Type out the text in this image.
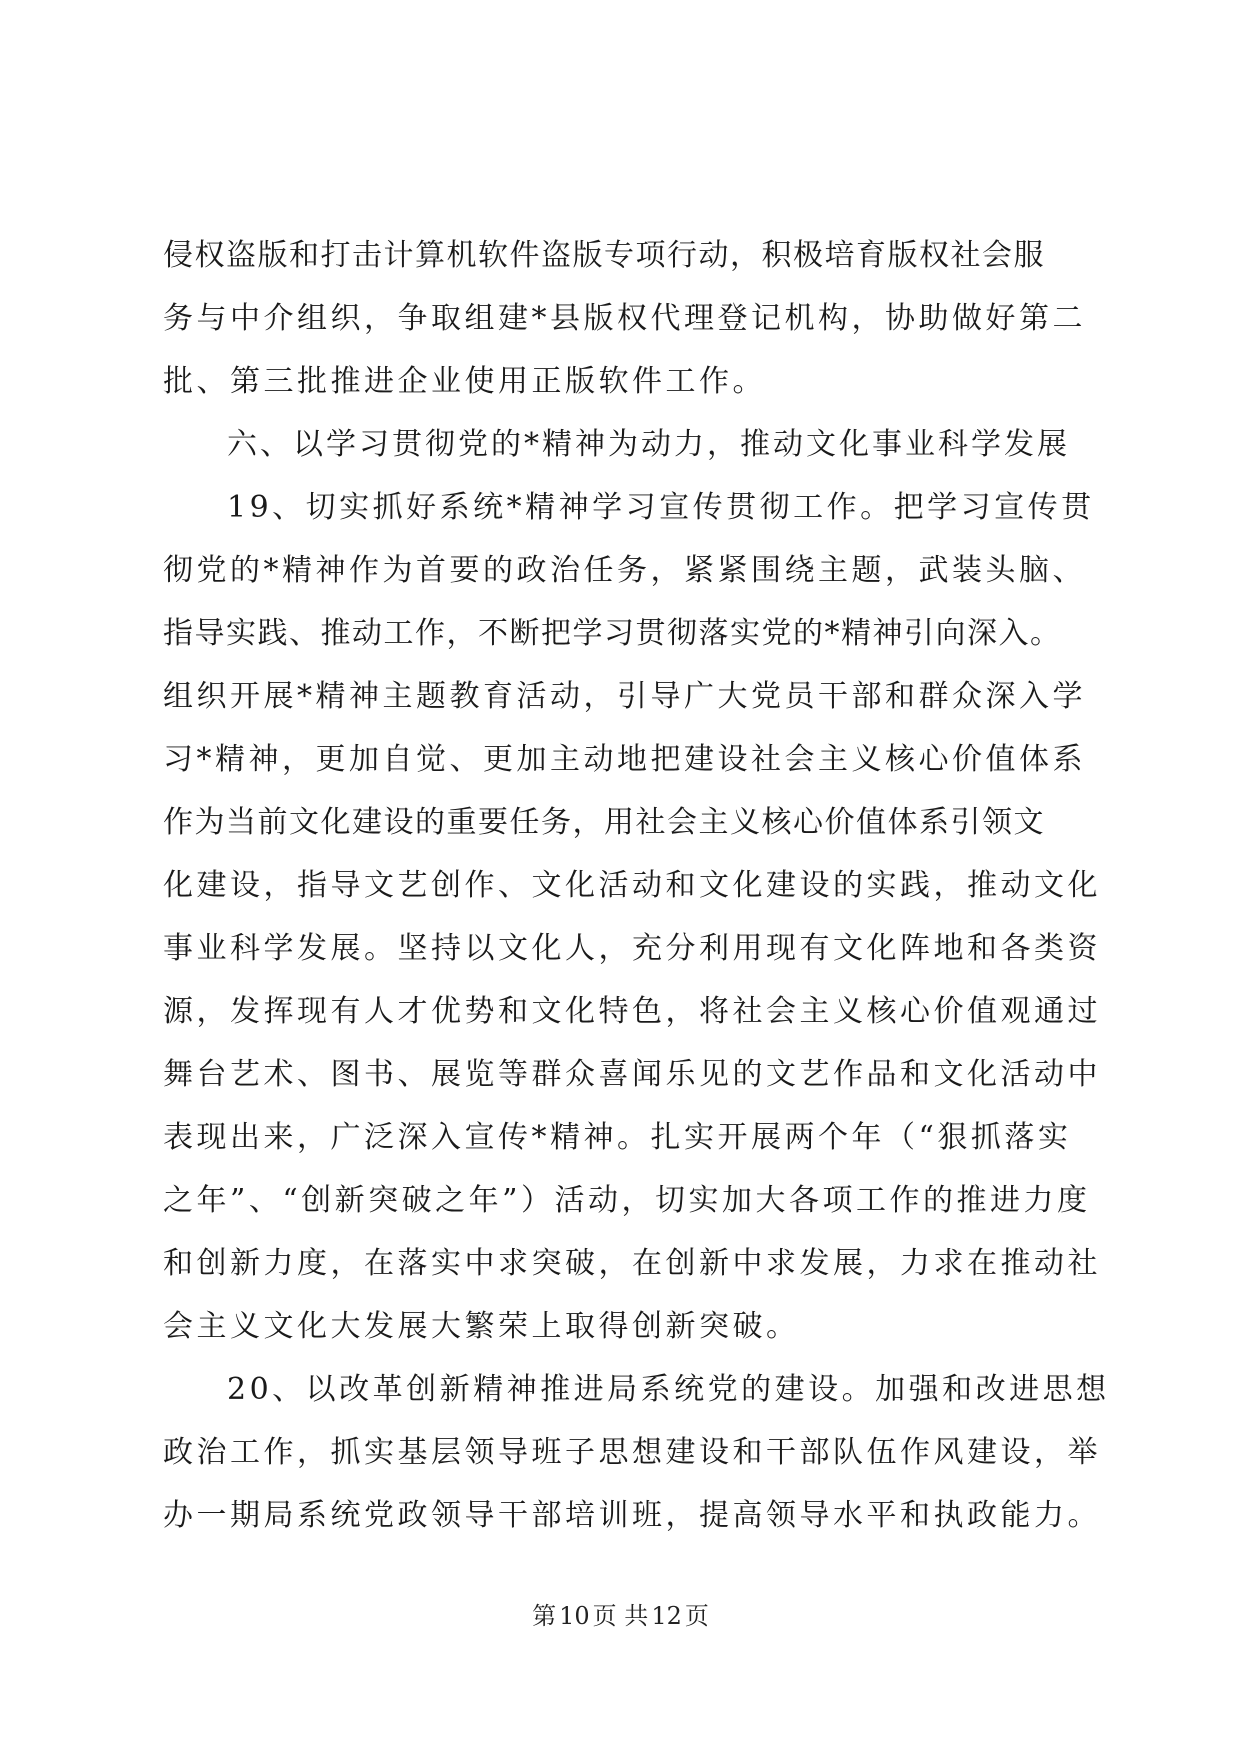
侵权盗版和打击计算机软件盗版专项行动，积极培育版权社会服
务与中介组织，争取组建*县版权代理登记机构，协助做好第二
批、第三批推进企业使用正版软件工作。
六、以学习贯彻党的*精神为动力，推动文化事业科学发展
19、切实抓好系统*精神学习宣传贯彻工作。把学习宣传贯
彻党的*精神作为首要的政治任务，紧紧围绕主题，武装头脑、
指导实践、推动工作，不断把学习贯彻落实党的*精神引向深入。
组织开展*精神主题教育活动，引导广大党员干部和群众深入学
习*精神，更加自觉、更加主动地把建设社会主义核心价值体系
作为当前文化建设的重要任务，用社会主义核心价值体系引领文
化建设，指导文艺创作、文化活动和文化建设的实践，推动文化
事业科学发展。坚持以文化人，充分利用现有文化阵地和各类资
源，发挥现有人才优势和文化特色，将社会主义核心价值观通过
舞台艺术、图书、展览等群众喜闻乐见的文艺作品和文化活动中
表现出来，广泛深入宣传*精神。扎实开展两个年（“狠抓落实
之年”、“创新突破之年”）活动，切实加大各项工作的推进力度
和创新力度，在落实中求突破，在创新中求发展，力求在推动社
会主义文化大发展大繁荣上取得创新突破。
20、以改革创新精神推进局系统党的建设。加强和改进思想
政治工作，抓实基层领导班子思想建设和干部队伍作风建设，举
办一期局系统党政领导干部培训班，提高领导水平和执政能力。
第 10 页 共 12 页
